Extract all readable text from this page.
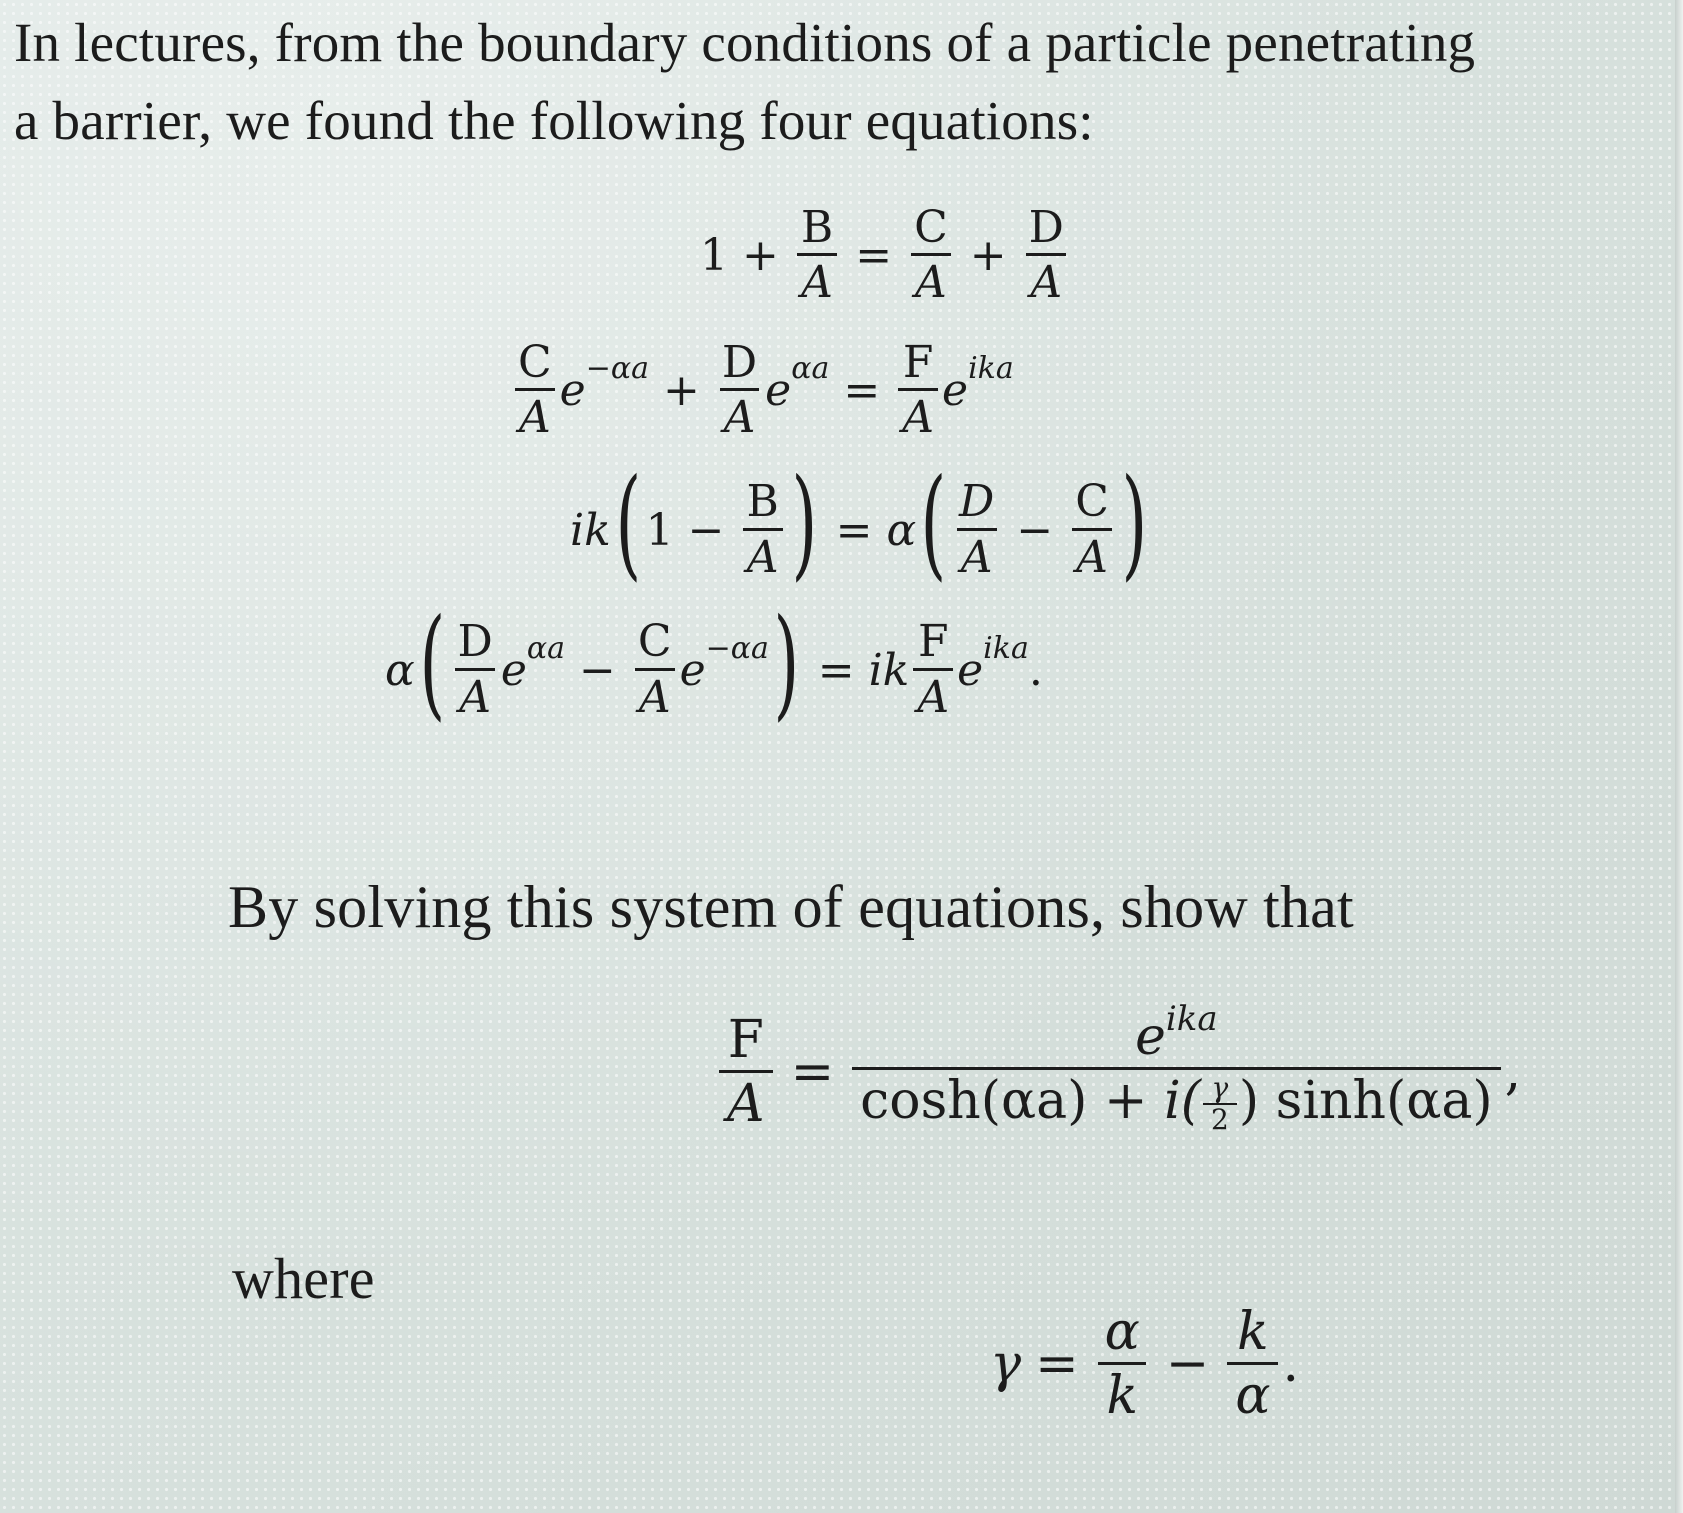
In lectures, from the boundary conditions of a particle penetrating
a barrier, we found the following four equations:

$1 + \frac{B}{A} = \frac{C}{A} + \frac{D}{A}$
$\frac{C}{A}$ $e -\alpha a + \frac{D}{A}$ e $\alpha a = \frac{F}{A}$ e ika
ik ( $1 - \frac{B}{A}$ ) = α ( $\frac{D}{A} - \frac{C}{A}$ )
α ( $\frac{D}{A}$ e $\alpha a - \frac{C}{A}$ e −αa ) = ik $\frac{F}{A}$ e ika .

By solving this system of equations, show that

$\frac{F}{A} = \frac{e^{ika}}{\cosh(\alpha a) + i( \frac{\gamma}{2} ) \sinh(\alpha a)}$ ,

where

$\gamma = \frac{\alpha}{k} - \frac{k}{\alpha}$ .
